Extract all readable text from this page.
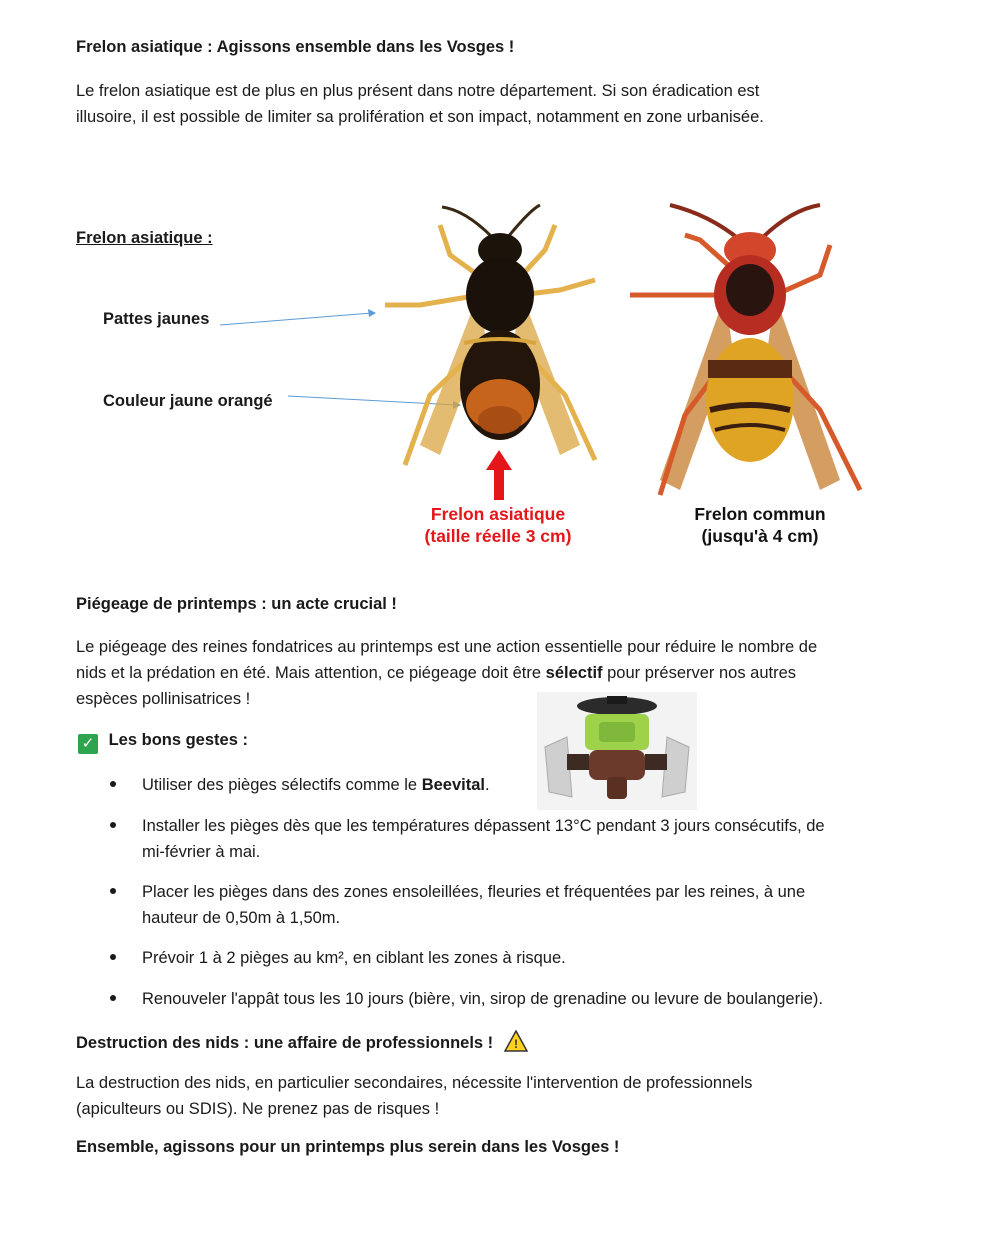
Frelon asiatique : Agissons ensemble dans les Vosges !
Le frelon asiatique est de plus en plus présent dans notre département. Si son éradication est
illusoire, il est possible de limiter sa prolifération et son impact, notamment en zone urbanisée.
Frelon asiatique :
Pattes jaunes
Couleur jaune orangé
Frelon asiatique
(taille réelle 3 cm)
Frelon commun
(jusqu'à 4 cm)
Piégeage de printemps : un acte crucial !
Le piégeage des reines fondatrices au printemps est une action essentielle pour réduire le nombre de
nids et la prédation en été. Mais attention, ce piégeage doit être sélectif pour préserver nos autres
espèces pollinisatrices !
✓ Les bons gestes :
Utiliser des pièges sélectifs comme le Beevital.
Installer les pièges dès que les températures dépassent 13°C pendant 3 jours consécutifs, de
mi-février à mai.
Placer les pièges dans des zones ensoleillées, fleuries et fréquentées par les reines, à une
hauteur de 0,50m à 1,50m.
Prévoir 1 à 2 pièges au km², en ciblant les zones à risque.
Renouveler l'appât tous les 10 jours (bière, vin, sirop de grenadine ou levure de boulangerie).
Destruction des nids : une affaire de professionnels ! !
La destruction des nids, en particulier secondaires, nécessite l'intervention de professionnels
(apiculteurs ou SDIS). Ne prenez pas de risques !
Ensemble, agissons pour un printemps plus serein dans les Vosges !
